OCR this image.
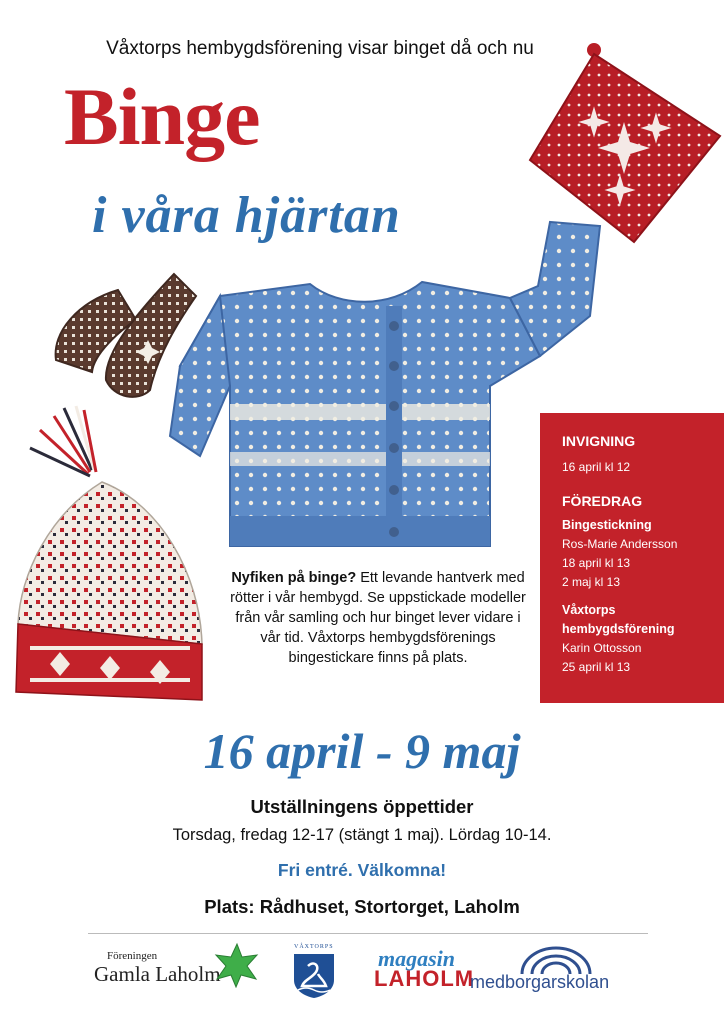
Våxtorps hembygdsförening visar binget då och nu
Binge
i våra hjärtan
Nyfiken på binge? Ett levande hantverk med rötter i vår hembygd. Se uppstickade modeller från vår samling och hur binget lever vidare i vår tid. Våxtorps hembygdsförenings bingestickare finns på plats.
INVIGNING
16 april kl 12
FÖREDRAG
Bingestickning
Ros-Marie Andersson
18 april kl 13
2 maj kl 13
Våxtorps
hembygdsförening
Karin Ottosson
25 april kl 13
16 april - 9 maj
Utställningens öppettider
Torsdag, fredag 12-17 (stängt 1 maj). Lördag 10-14.
Fri entré. Välkomna!
Plats: Rådhuset, Stortorget, Laholm
Föreningen
Gamla Laholm
VÅXTORPS magasin
LAHOLM
medborgarskolan
